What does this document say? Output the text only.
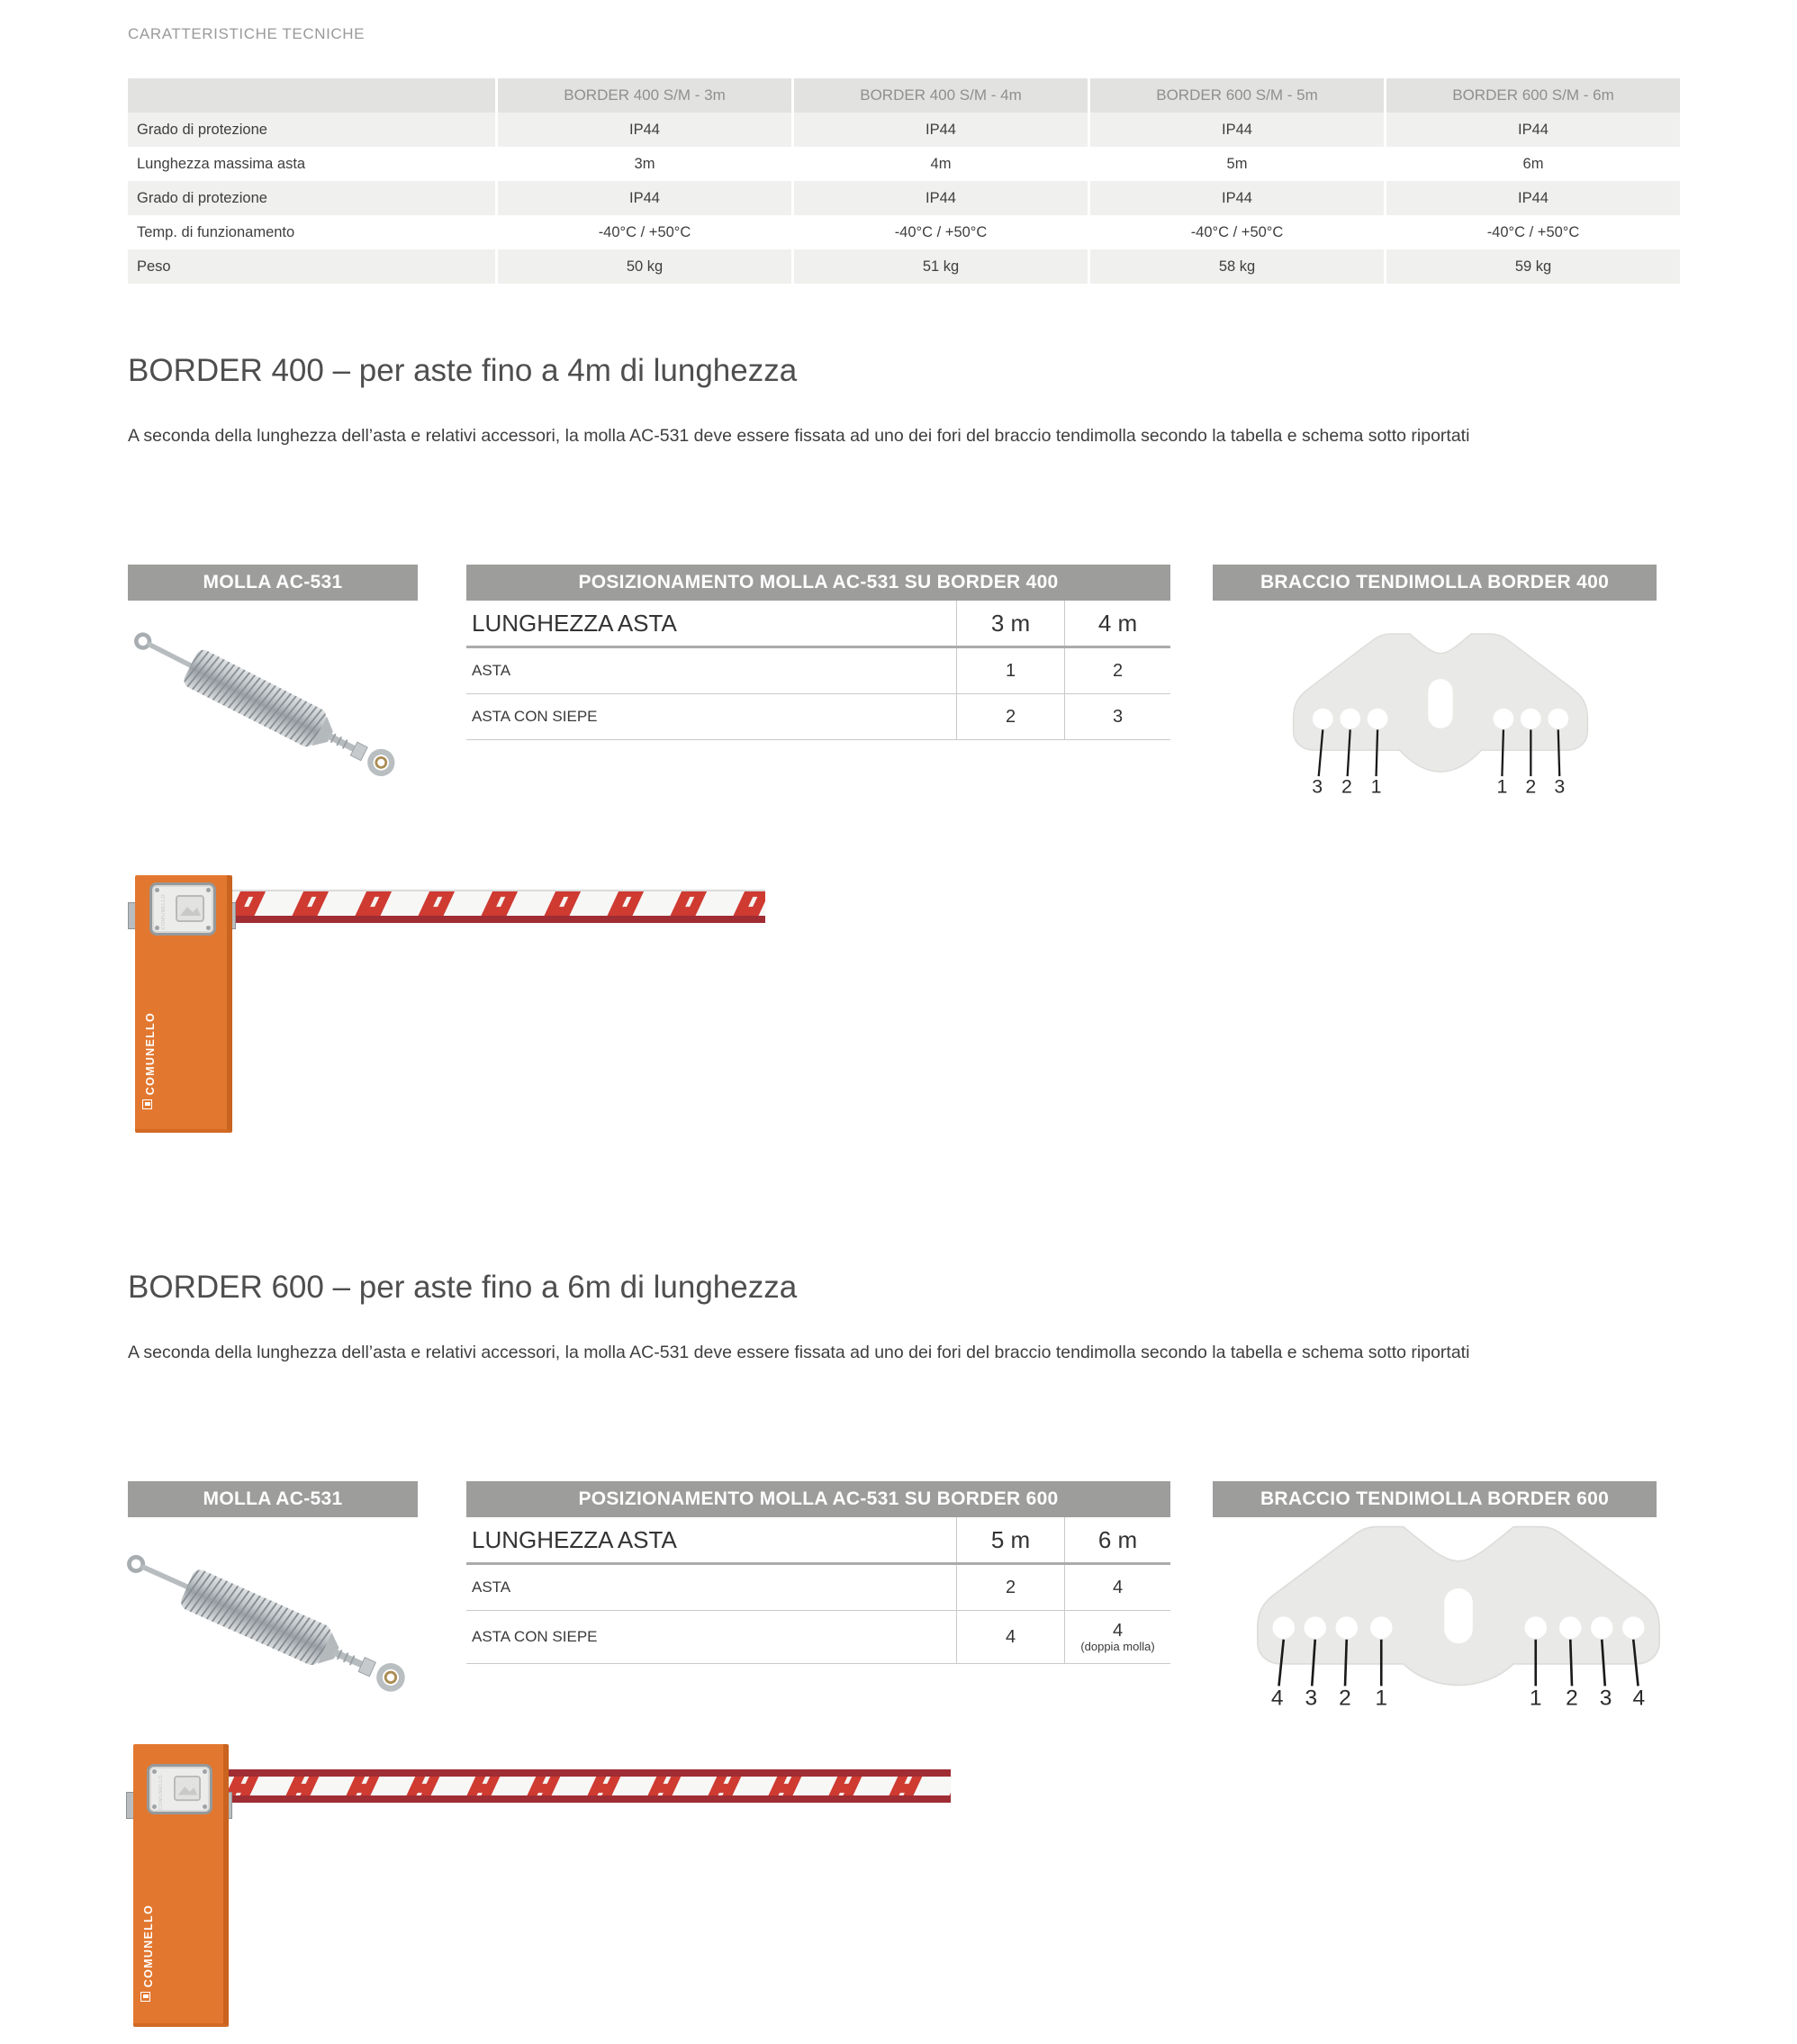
CARATTERISTICHE TECNICHE
BORDER 400 S/M - 3m	BORDER 400 S/M - 4m	BORDER 600 S/M - 5m	BORDER 600 S/M - 6m
Grado di protezione	IP44	IP44	IP44	IP44
Lunghezza massima asta	3m	4m	5m	6m
Grado di protezione	IP44	IP44	IP44	IP44
Temp. di funzionamento	-40°C / +50°C	-40°C / +50°C	-40°C / +50°C	-40°C / +50°C
Peso	50 kg	51 kg	58 kg	59 kg
BORDER 400 – per aste fino a 4m di lunghezza
A seconda della lunghezza dell’asta e relativi accessori, la molla AC-531 deve essere fissata ad uno dei fori del braccio tendimolla secondo la tabella e schema sotto riportati
MOLLA AC-531	POSIZIONAMENTO MOLLA AC-531 SU BORDER 400	BRACCIO TENDIMOLLA BORDER 400
LUNGHEZZA ASTA	3 m	4 m
ASTA	1	2
ASTA CON SIEPE	2	3
3 2 1	1 2 3
COMUNELLO
COMUNELLO
BORDER 600 – per aste fino a 6m di lunghezza
A seconda della lunghezza dell’asta e relativi accessori, la molla AC-531 deve essere fissata ad uno dei fori del braccio tendimolla secondo la tabella e schema sotto riportati
MOLLA AC-531	POSIZIONAMENTO MOLLA AC-531 SU BORDER 600	BRACCIO TENDIMOLLA BORDER 600
LUNGHEZZA ASTA	5 m	6 m
ASTA	2	4
ASTA CON SIEPE	4	4
(doppia molla)
4 3 2 1	1 2 3 4
COMUNELLO
COMUNELLO
